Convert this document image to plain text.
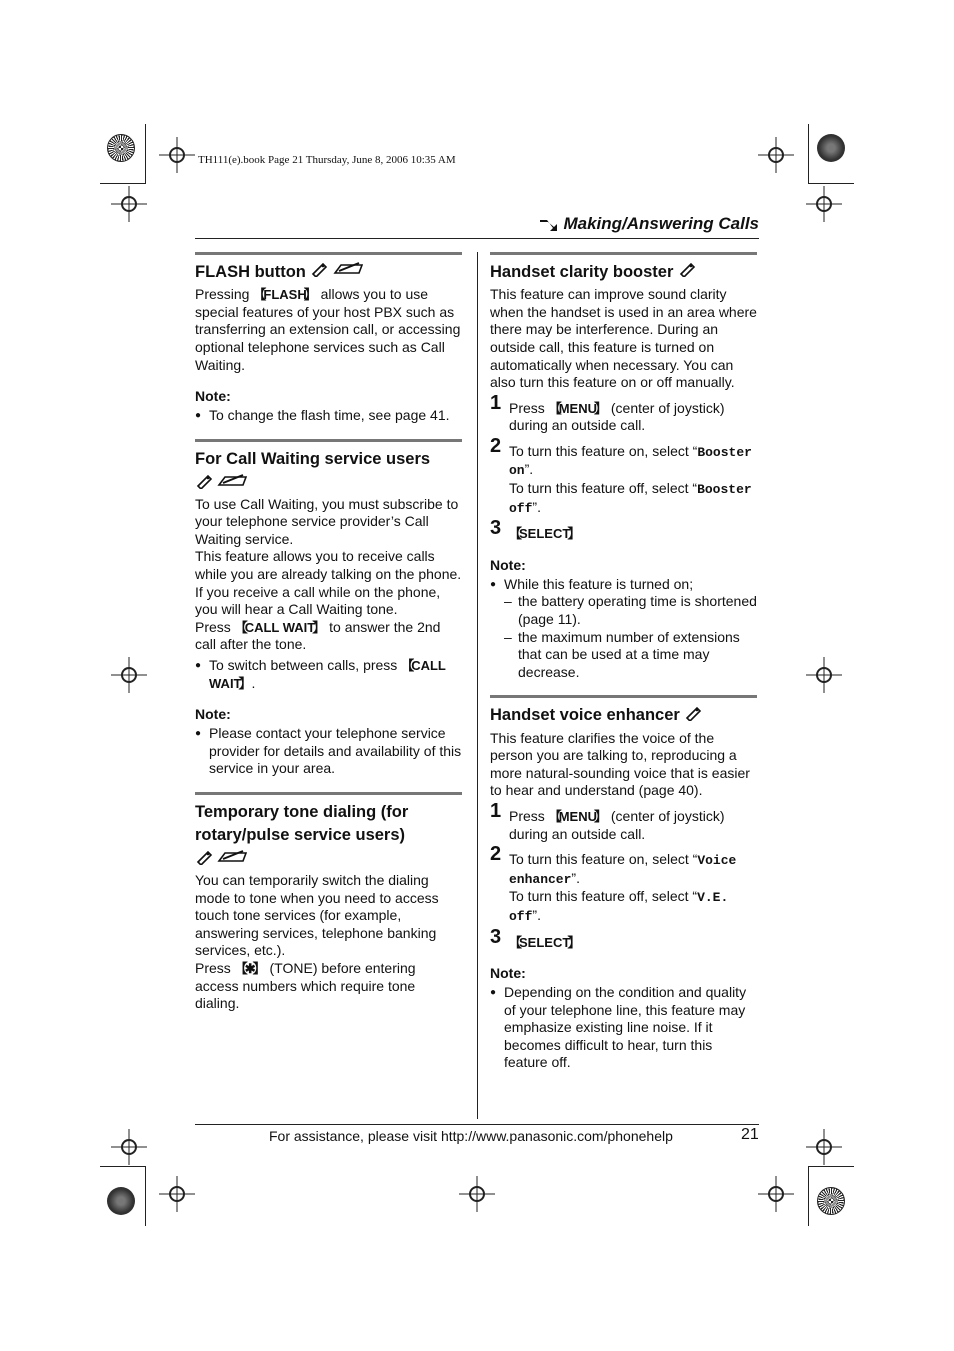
TH111(e).book Page 21 Thursday, June 8, 2006 10:35 AM
Making/Answering Calls
FLASH button

Pressing 【 FLASH 】 allows you to use special features of your host PBX such as transferring an extension call, or accessing optional telephone services such as Call Waiting.

Note:
● To change the flash time, see page 41.
For Call Waiting service users

To use Call Waiting, you must subscribe to your telephone service provider’s Call Waiting service.

This feature allows you to receive calls while you are already talking on the phone. If you receive a call while on the phone, you will hear a Call Waiting tone.

Press 【 CALL WAIT 】 to answer the 2nd call after the tone.

● To switch between calls, press 【 CALL WAIT 】 .
Note:
● Please contact your telephone service provider for details and availability of this service in your area.
Temporary tone dialing (for rotary/pulse service users)

You can temporarily switch the dialing mode to tone when you need to access touch tone services (for example, answering services, telephone banking services, etc.).

Press 【 ✱ 】 (TONE) before entering access numbers which require tone dialing.

Handset clarity booster

This feature can improve sound clarity when the handset is used in an area where there may be interference. During an outside call, this feature is turned on automatically when necessary. You can also turn this feature on or off manually.

1 Press 【 MENU 】 (center of joystick) during an outside call.
2 To turn this feature on, select “Booster on”.
To turn this feature off, select “Booster off”.
3 【 SELECT 】
Note:
● While this feature is turned on;
– the battery operating time is shortened (page 11).
– the maximum number of extensions that can be used at a time may decrease.
Handset voice enhancer

This feature clarifies the voice of the person you are talking to, reproducing a more natural-sounding voice that is easier to hear and understand (page 40).

1 Press 【 MENU 】 (center of joystick) during an outside call.
2 To turn this feature on, select “Voice enhancer”.
To turn this feature off, select “V.E. off”.
3 【 SELECT 】
Note:
● Depending on the condition and quality of your telephone line, this feature may emphasize existing line noise. If it becomes difficult to hear, turn this feature off.
For assistance, please visit http://www.panasonic.com/phonehelp	21
